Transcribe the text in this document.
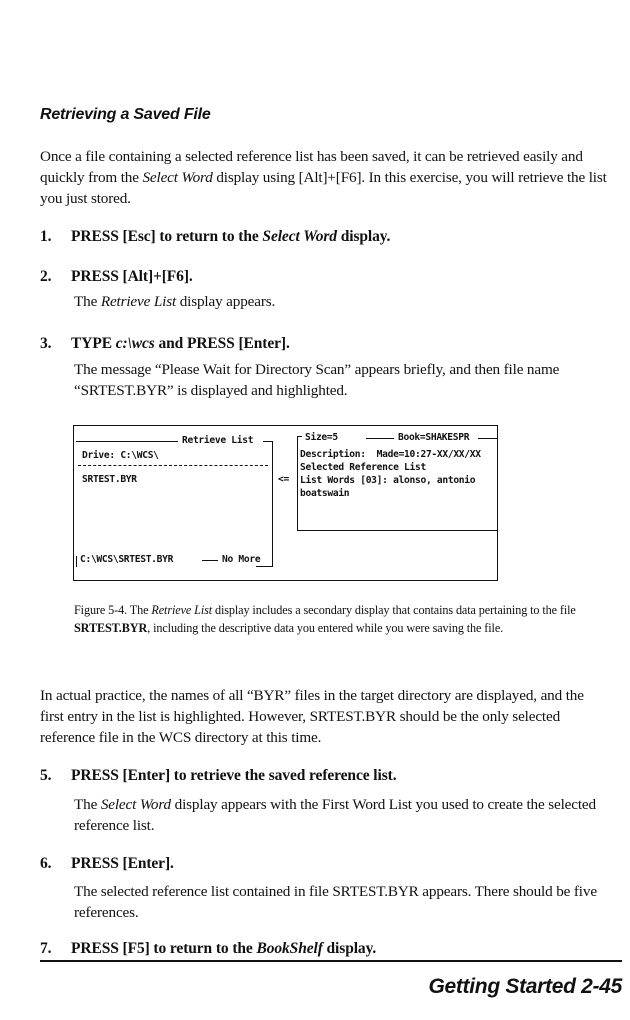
Retrieving a Saved File
Once a file containing a selected reference list has been saved, it can be retrieved easily and quickly from the Select Word display using [Alt]+[F6]. In this exercise, you will retrieve the list you just stored.
1. PRESS [Esc] to return to the Select Word display.
2. PRESS [Alt]+[F6].
The Retrieve List display appears.
3. TYPE c:\wcs and PRESS [Enter].
The message “Please Wait for Directory Scan” appears briefly, and then file name “SRTEST.BYR” is displayed and highlighted.
Retrieve List
Drive: C:\WCS\
SRTEST.BYR
C:\WCS\SRTEST.BYR	No More
<=
Size=5	Book=SHAKESPR
Description:  Made=10:27-XX/XX/XX
Selected Reference List
List Words [03]: alonso, antonio
boatswain
Figure 5-4. The Retrieve List display includes a secondary display that contains data pertaining to the file SRTEST.BYR, including the descriptive data you entered while you were saving the file.
In actual practice, the names of all “BYR” files in the target directory are displayed, and the first entry in the list is highlighted. However, SRTEST.BYR should be the only selected reference file in the WCS directory at this time.
5. PRESS [Enter] to retrieve the saved reference list.
The Select Word display appears with the First Word List you used to create the selected reference list.
6. PRESS [Enter].
The selected reference list contained in file SRTEST.BYR appears. There should be five references.
7. PRESS [F5] to return to the BookShelf display.
Getting Started 2-45
